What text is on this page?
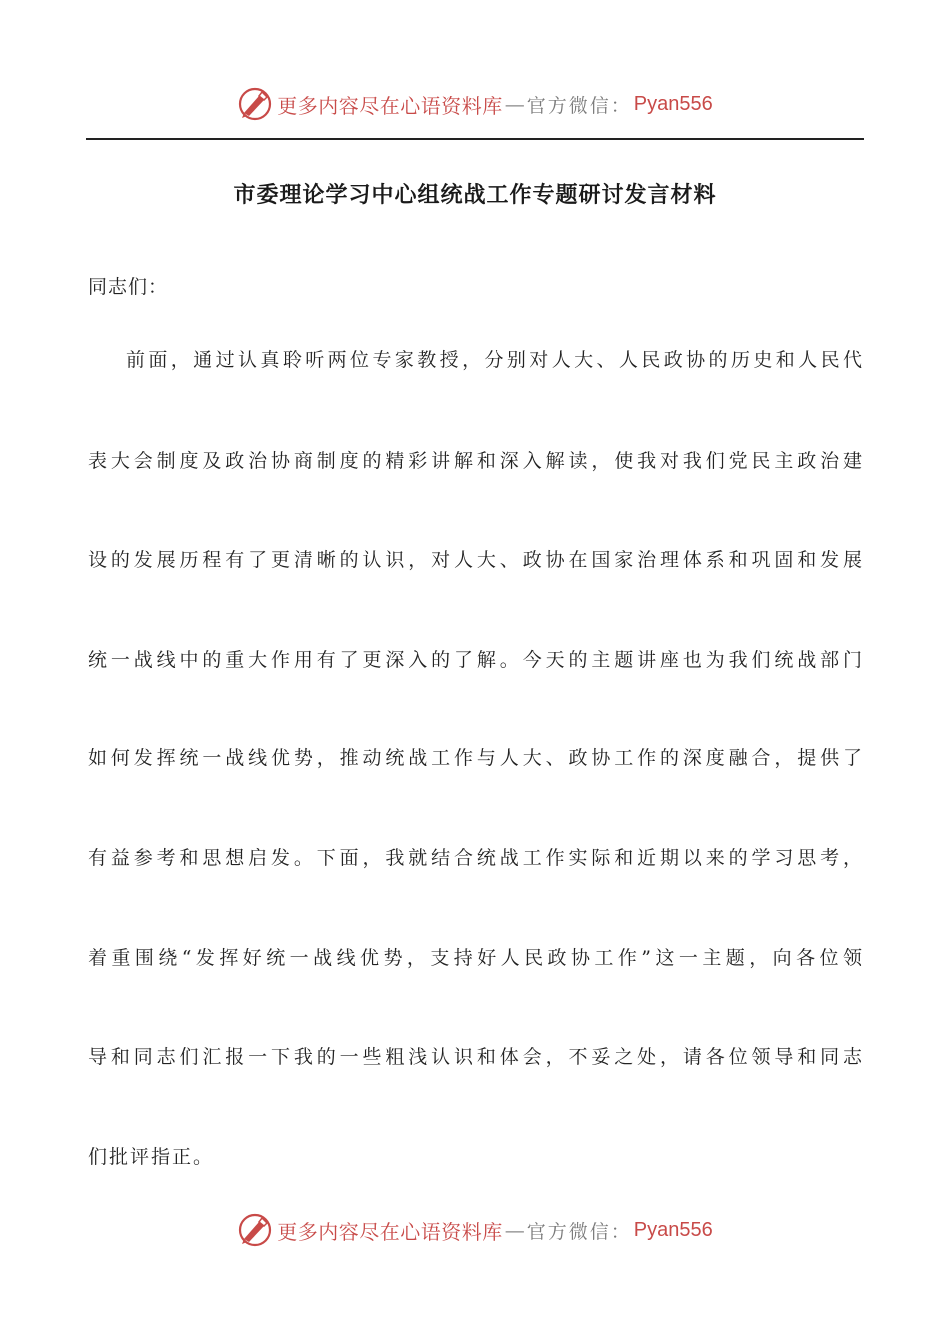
更多内容尽在心语资料库 — 官方微信： Pyan556
市委理论学习中心组统战工作专题研讨发言材料
同志们：
前面，通过认真聆听两位专家教授，分别对人大、人民政协的历史和人民代
表大会制度及政治协商制度的精彩讲解和深入解读，使我对我们党民主政治建
设的发展历程有了更清晰的认识，对人大、政协在国家治理体系和巩固和发展
统一战线中的重大作用有了更深入的了解。今天的主题讲座也为我们统战部门
如何发挥统一战线优势，推动统战工作与人大、政协工作的深度融合，提供了
有益参考和思想启发。下面，我就结合统战工作实际和近期以来的学习思考，
着重围绕“发挥好统一战线优势，支持好人民政协工作”这一主题，向各位领
导和同志们汇报一下我的一些粗浅认识和体会，不妥之处，请各位领导和同志
们批评指正。
更多内容尽在心语资料库 — 官方微信： Pyan556
